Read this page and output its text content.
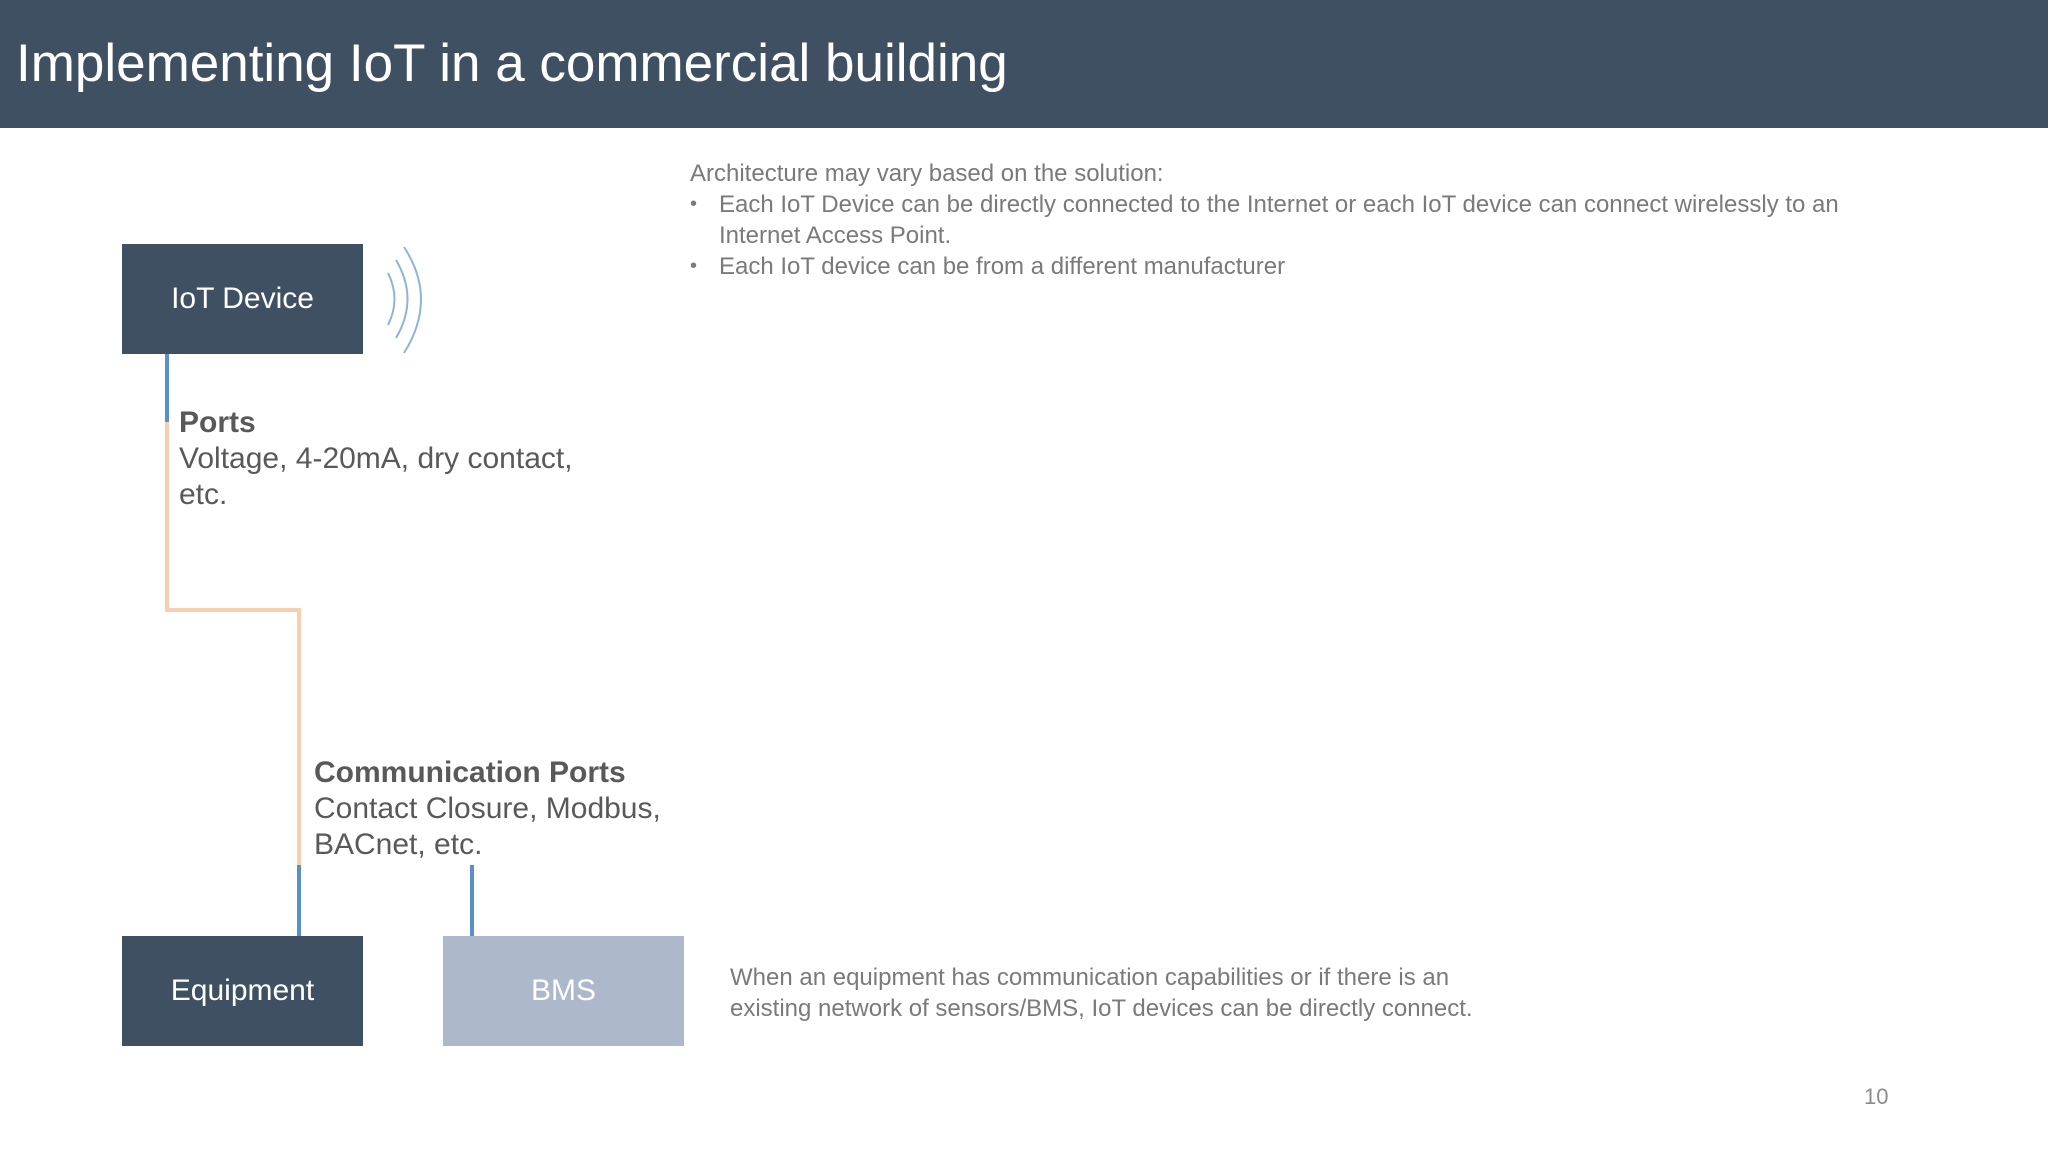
Implementing IoT in a commercial building
IoT Device
Ports
Voltage, 4-20mA, dry contact, etc.
Communication Ports
Contact Closure, Modbus, BACnet, etc.
Equipment	BMS
Architecture may vary based on the solution:
• Each IoT Device can be directly connected to the Internet or each IoT device can connect wirelessly to an Internet Access Point.
• Each IoT device can be from a different manufacturer
When an equipment has communication capabilities or if there is an existing network of sensors/BMS, IoT devices can be directly connect.
10
